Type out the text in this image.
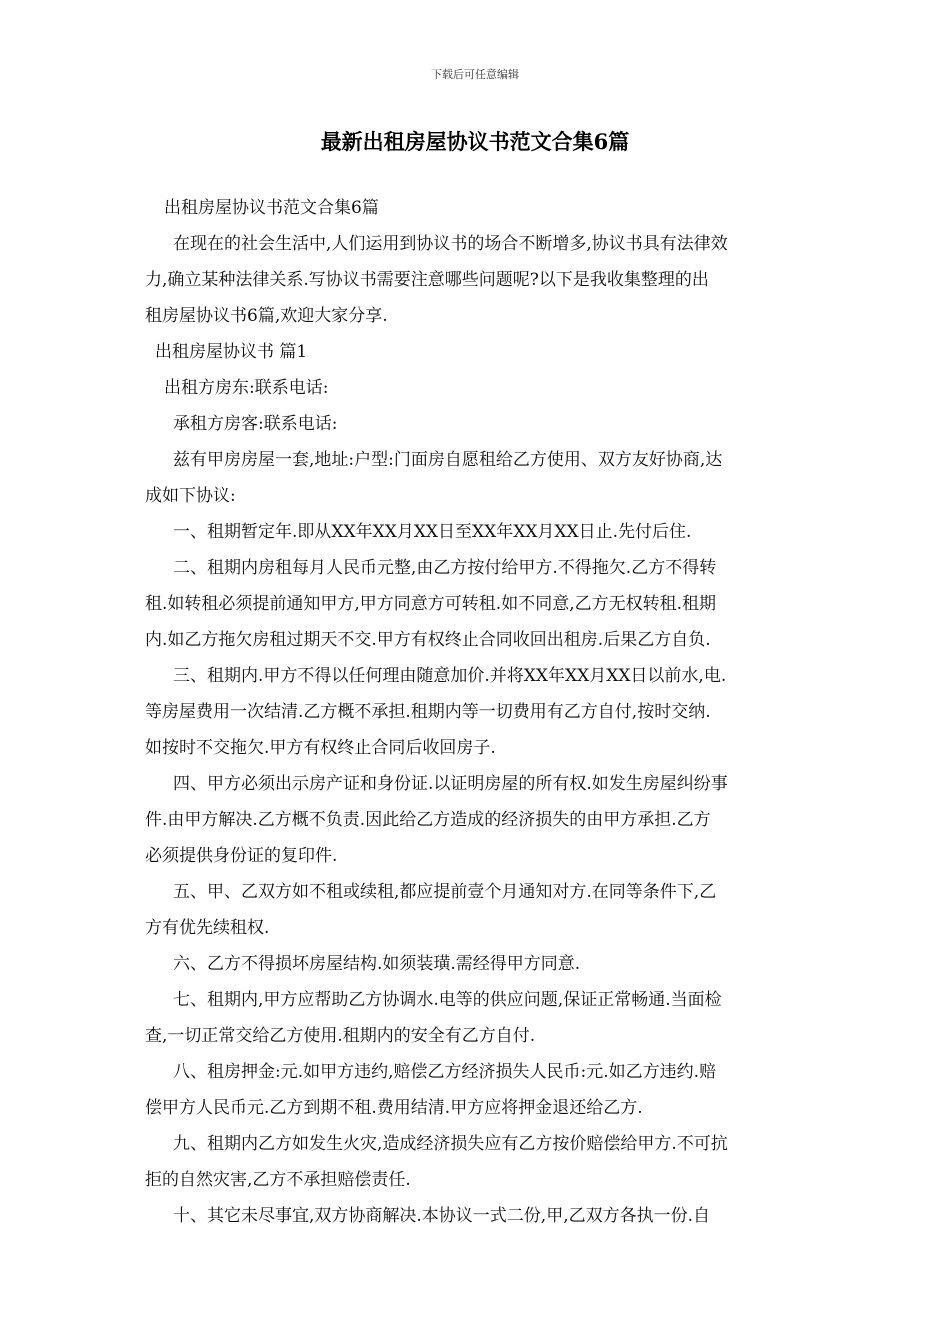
下载后可任意编辑
最新出租房屋协议书范文合集6篇
出租房屋协议书范文合集6篇
在现在的社会生活中,人们运用到协议书的场合不断增多,协议书具有法律效
力,确立某种法律关系.写协议书需要注意哪些问题呢?以下是我收集整理的出
租房屋协议书6篇,欢迎大家分享.
出租房屋协议书 篇1
出租方房东:联系电话:
承租方房客:联系电话:
兹有甲房房屋一套,地址:户型:门面房自愿租给乙方使用、双方友好协商,达
成如下协议:
一、租期暂定年.即从XX年XX月XX日至XX年XX月XX日止.先付后住.
二、租期内房租每月人民币元整,由乙方按付给甲方.不得拖欠.乙方不得转
租.如转租必须提前通知甲方,甲方同意方可转租.如不同意,乙方无权转租.租期
内.如乙方拖欠房租过期天不交.甲方有权终止合同收回出租房.后果乙方自负.
三、租期内.甲方不得以任何理由随意加价.并将XX年XX月XX日以前水,电.
等房屋费用一次结清.乙方概不承担.租期内等一切费用有乙方自付,按时交纳.
如按时不交拖欠.甲方有权终止合同后收回房子.
四、甲方必须出示房产证和身份证.以证明房屋的所有权.如发生房屋纠纷事
件.由甲方解决.乙方概不负责.因此给乙方造成的经济损失的由甲方承担.乙方
必须提供身份证的复印件.
五、甲、乙双方如不租或续租,都应提前壹个月通知对方.在同等条件下,乙
方有优先续租权.
六、乙方不得损坏房屋结构.如须装璜.需经得甲方同意.
七、租期内,甲方应帮助乙方协调水.电等的供应问题,保证正常畅通.当面检
查,一切正常交给乙方使用.租期内的安全有乙方自付.
八、租房押金:元.如甲方违约,赔偿乙方经济损失人民币:元.如乙方违约.赔
偿甲方人民币元.乙方到期不租.费用结清.甲方应将押金退还给乙方.
九、租期内乙方如发生火灾,造成经济损失应有乙方按价赔偿给甲方.不可抗
拒的自然灾害,乙方不承担赔偿责任.
十、其它未尽事宜,双方协商解决.本协议一式二份,甲,乙双方各执一份.自
